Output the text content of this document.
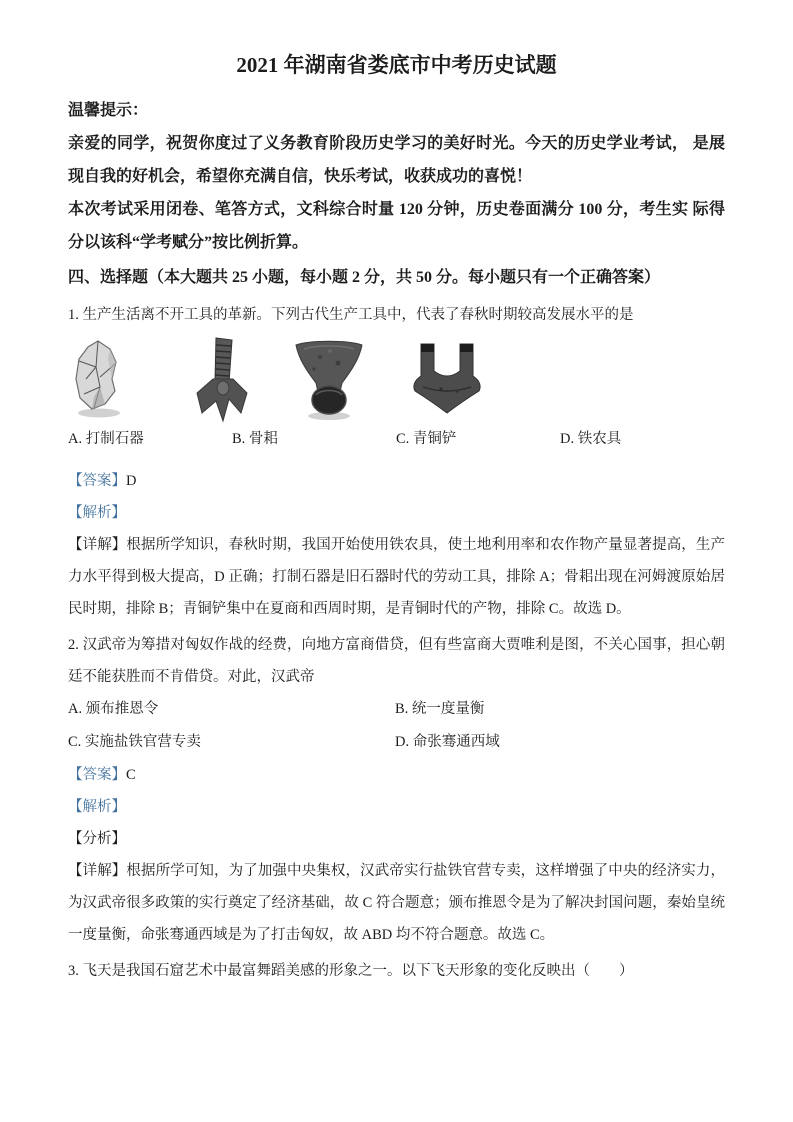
2021 年湖南省娄底市中考历史试题

温馨提示：

亲爱的同学，祝贺你度过了义务教育阶段历史学习的美好时光。今天的历史学业考试， 是展现自我的好机会，希望你充满自信，快乐考试，收获成功的喜悦！

本次考试采用闭卷、笔答方式，文科综合时量 120 分钟，历史卷面满分 100 分，考生实 际得分以该科“学考赋分”按比例折算。

四、选择题（本大题共 25 小题，每小题 2 分，共 50 分。每小题只有一个正确答案）

1. 生产生活离不开工具的革新。下列古代生产工具中，代表了春秋时期较高发展水平的是

A. 打制石器	B. 骨耜	C. 青铜铲	D. 铁农具

【答案】D

【解析】

【详解】根据所学知识，春秋时期，我国开始使用铁农具，使土地利用率和农作物产量显著提高，生产力水平得到极大提高，D 正确；打制石器是旧石器时代的劳动工具，排除 A；骨耜出现在河姆渡原始居民时期，排除 B；青铜铲集中在夏商和西周时期，是青铜时代的产物，排除 C。故选 D。

2. 汉武帝为筹措对匈奴作战的经费，向地方富商借贷，但有些富商大贾唯利是图，不关心国事，担心朝廷不能获胜而不肯借贷。对此，汉武帝

A. 颁布推恩令	B. 统一度量衡
C. 实施盐铁官营专卖	D. 命张骞通西域

【答案】C

【解析】

【分析】

【详解】根据所学可知，为了加强中央集权，汉武帝实行盐铁官营专卖，这样增强了中央的经济实力，为汉武帝很多政策的实行奠定了经济基础，故 C 符合题意；颁布推恩令是为了解决封国问题，秦始皇统一度量衡，命张骞通西域是为了打击匈奴，故 ABD 均不符合题意。故选 C。

3. 飞天是我国石窟艺术中最富舞蹈美感的形象之一。以下飞天形象的变化反映出（　　）
